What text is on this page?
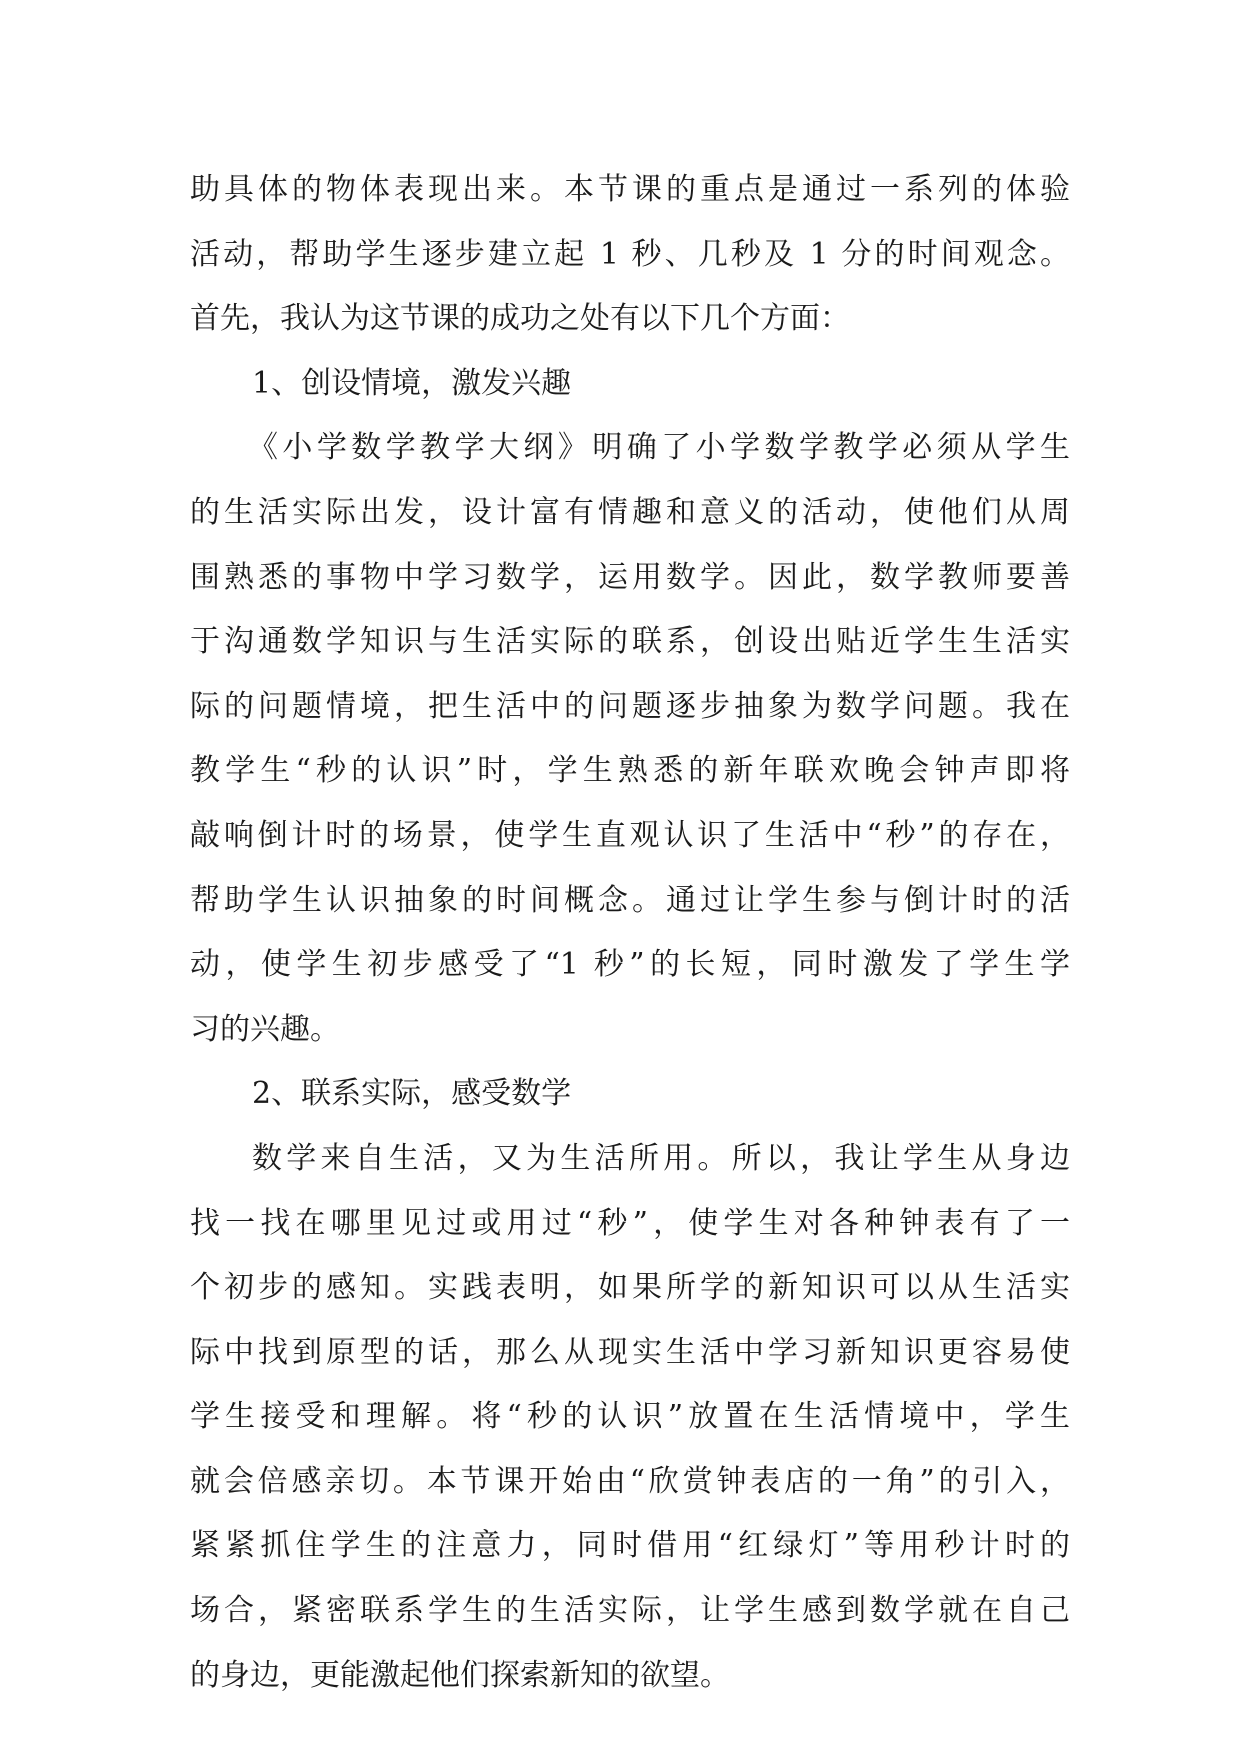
助具体的物体表现出来。本节课的重点是通过一系列的体验
活动，帮助学生逐步建立起 1 秒、几秒及 1 分的时间观念。
首先，我认为这节课的成功之处有以下几个方面：
1、创设情境，激发兴趣
《小学数学教学大纲》明确了小学数学教学必须从学生
的生活实际出发，设计富有情趣和意义的活动，使他们从周
围熟悉的事物中学习数学，运用数学。因此，数学教师要善
于沟通数学知识与生活实际的联系，创设出贴近学生生活实
际的问题情境，把生活中的问题逐步抽象为数学问题。我在
教学生“秒的认识”时，学生熟悉的新年联欢晚会钟声即将
敲响倒计时的场景，使学生直观认识了生活中“秒”的存在，
帮助学生认识抽象的时间概念。通过让学生参与倒计时的活
动，使学生初步感受了“1 秒”的长短，同时激发了学生学
习的兴趣。
2、联系实际，感受数学
数学来自生活，又为生活所用。所以，我让学生从身边
找一找在哪里见过或用过“秒”，使学生对各种钟表有了一
个初步的感知。实践表明，如果所学的新知识可以从生活实
际中找到原型的话，那么从现实生活中学习新知识更容易使
学生接受和理解。将“秒的认识”放置在生活情境中，学生
就会倍感亲切。本节课开始由“欣赏钟表店的一角”的引入，
紧紧抓住学生的注意力，同时借用“红绿灯”等用秒计时的
场合，紧密联系学生的生活实际，让学生感到数学就在自己
的身边，更能激起他们探索新知的欲望。
